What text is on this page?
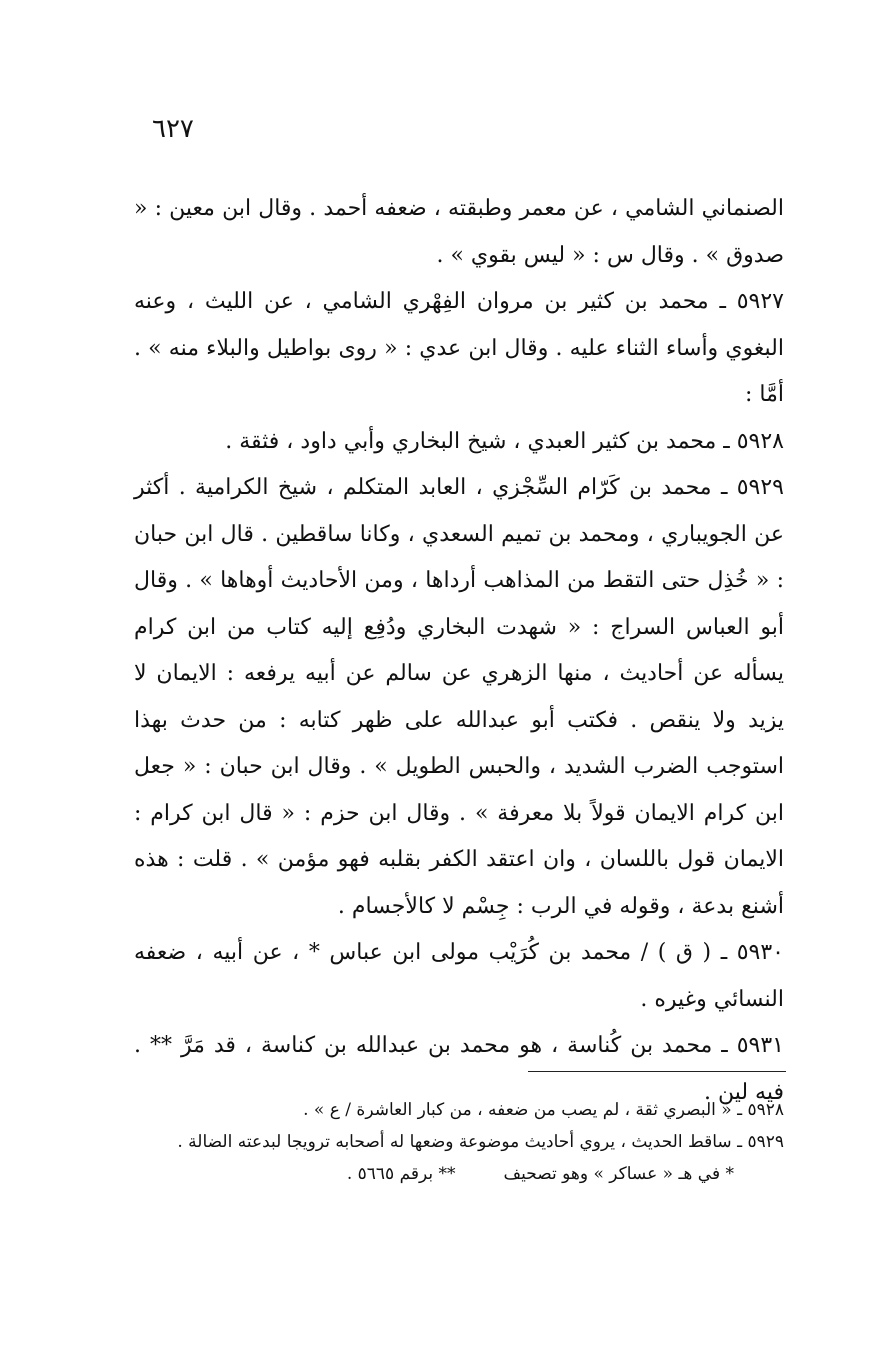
٦٢٧

الصنماني الشامي ، عن معمر وطبقته ، ضعفه أحمد . وقال ابن معين : « صدوق » . وقال س : « ليس بقوي » .

٥٩٢٧ ـ محمد بن كثير بن مروان الفِهْري الشامي ، عن الليث ، وعنه البغوي وأساء الثناء عليه . وقال ابن عدي : « روى بواطيل والبلاء منه » . أمَّا :

٥٩٢٨ ـ محمد بن كثير العبدي ، شيخ البخاري وأبي داود ، فثقة .

٥٩٢٩ ـ محمد بن كَرّام السِّجْزي ، العابد المتكلم ، شيخ الكرامية . أكثر عن الجويباري ، ومحمد بن تميم السعدي ، وكانا ساقطين . قال ابن حبان : « خُذِل حتى التقط من المذاهب أرداها ، ومن الأحاديث أوهاها » . وقال أبو العباس السراج : « شهدت البخاري ودُفِع إليه كتاب من ابن كرام يسأله عن أحاديث ، منها الزهري عن سالم عن أبيه يرفعه : الايمان لا يزيد ولا ينقص . فكتب أبو عبدالله على ظهر كتابه : من حدث بهذا استوجب الضرب الشديد ، والحبس الطويل » . وقال ابن حبان : « جعل ابن كرام الايمان قولاً بلا معرفة » . وقال ابن حزم : « قال ابن كرام : الايمان قول باللسان ، وان اعتقد الكفر بقلبه فهو مؤمن » . قلت : هذه أشنع بدعة ، وقوله في الرب : جِسْم لا كالأجسام .

٥٩٣٠ ـ ( ق ) / محمد بن كُرَيْب مولى ابن عباس * ، عن أبيه ، ضعفه النسائي وغيره .

٥٩٣١ ـ محمد بن كُناسة ، هو محمد بن عبدالله بن كناسة ، قد مَرَّ ** . فيه لين .

٥٩٢٨ ـ « البصري ثقة ، لم يصب من ضعفه ، من كبار العاشرة / ع » .

٥٩٢٩ ـ ساقط الحديث ، يروي أحاديث موضوعة وضعها له أصحابه ترويجا لبدعته الضالة .

* في هـ « عساكر » وهو تصحيف
** برقم ٥٦٦٥ .
